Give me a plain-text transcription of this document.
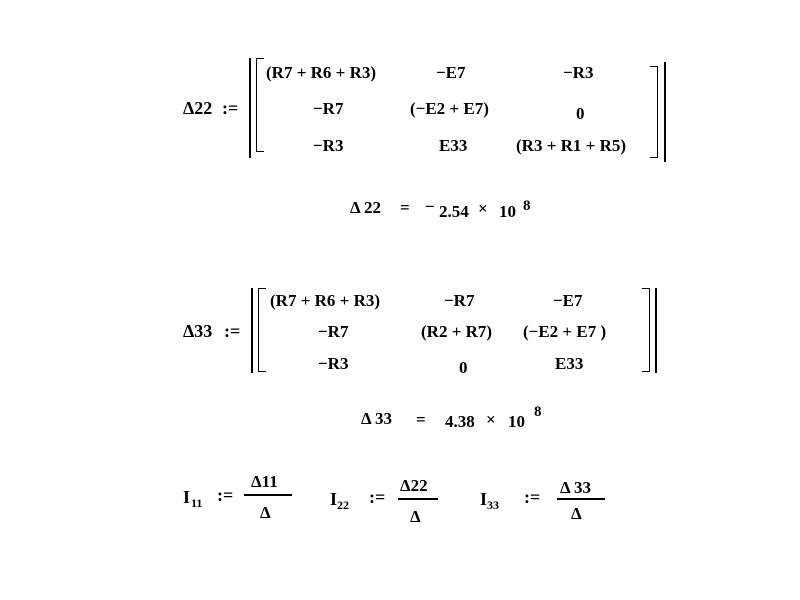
Δ22 :=
(R7 + R6 + R3)	−E7	−R3
−R7	(−E2 + E7)	0
−R3	E33	(R3 + R1 + R5)
Δ 22 = − 2.54 × 10 8
Δ33 :=
(R7 + R6 + R3)	−R7	−E7
−R7	(R2 + R7) (−E2 + E7 )
−R3	0	E33
Δ 33 = 4.38 × 10 8
I 11 :=
Δ11
Δ
I 22 :=
Δ22
Δ
I 33 := Δ 33
Δ
